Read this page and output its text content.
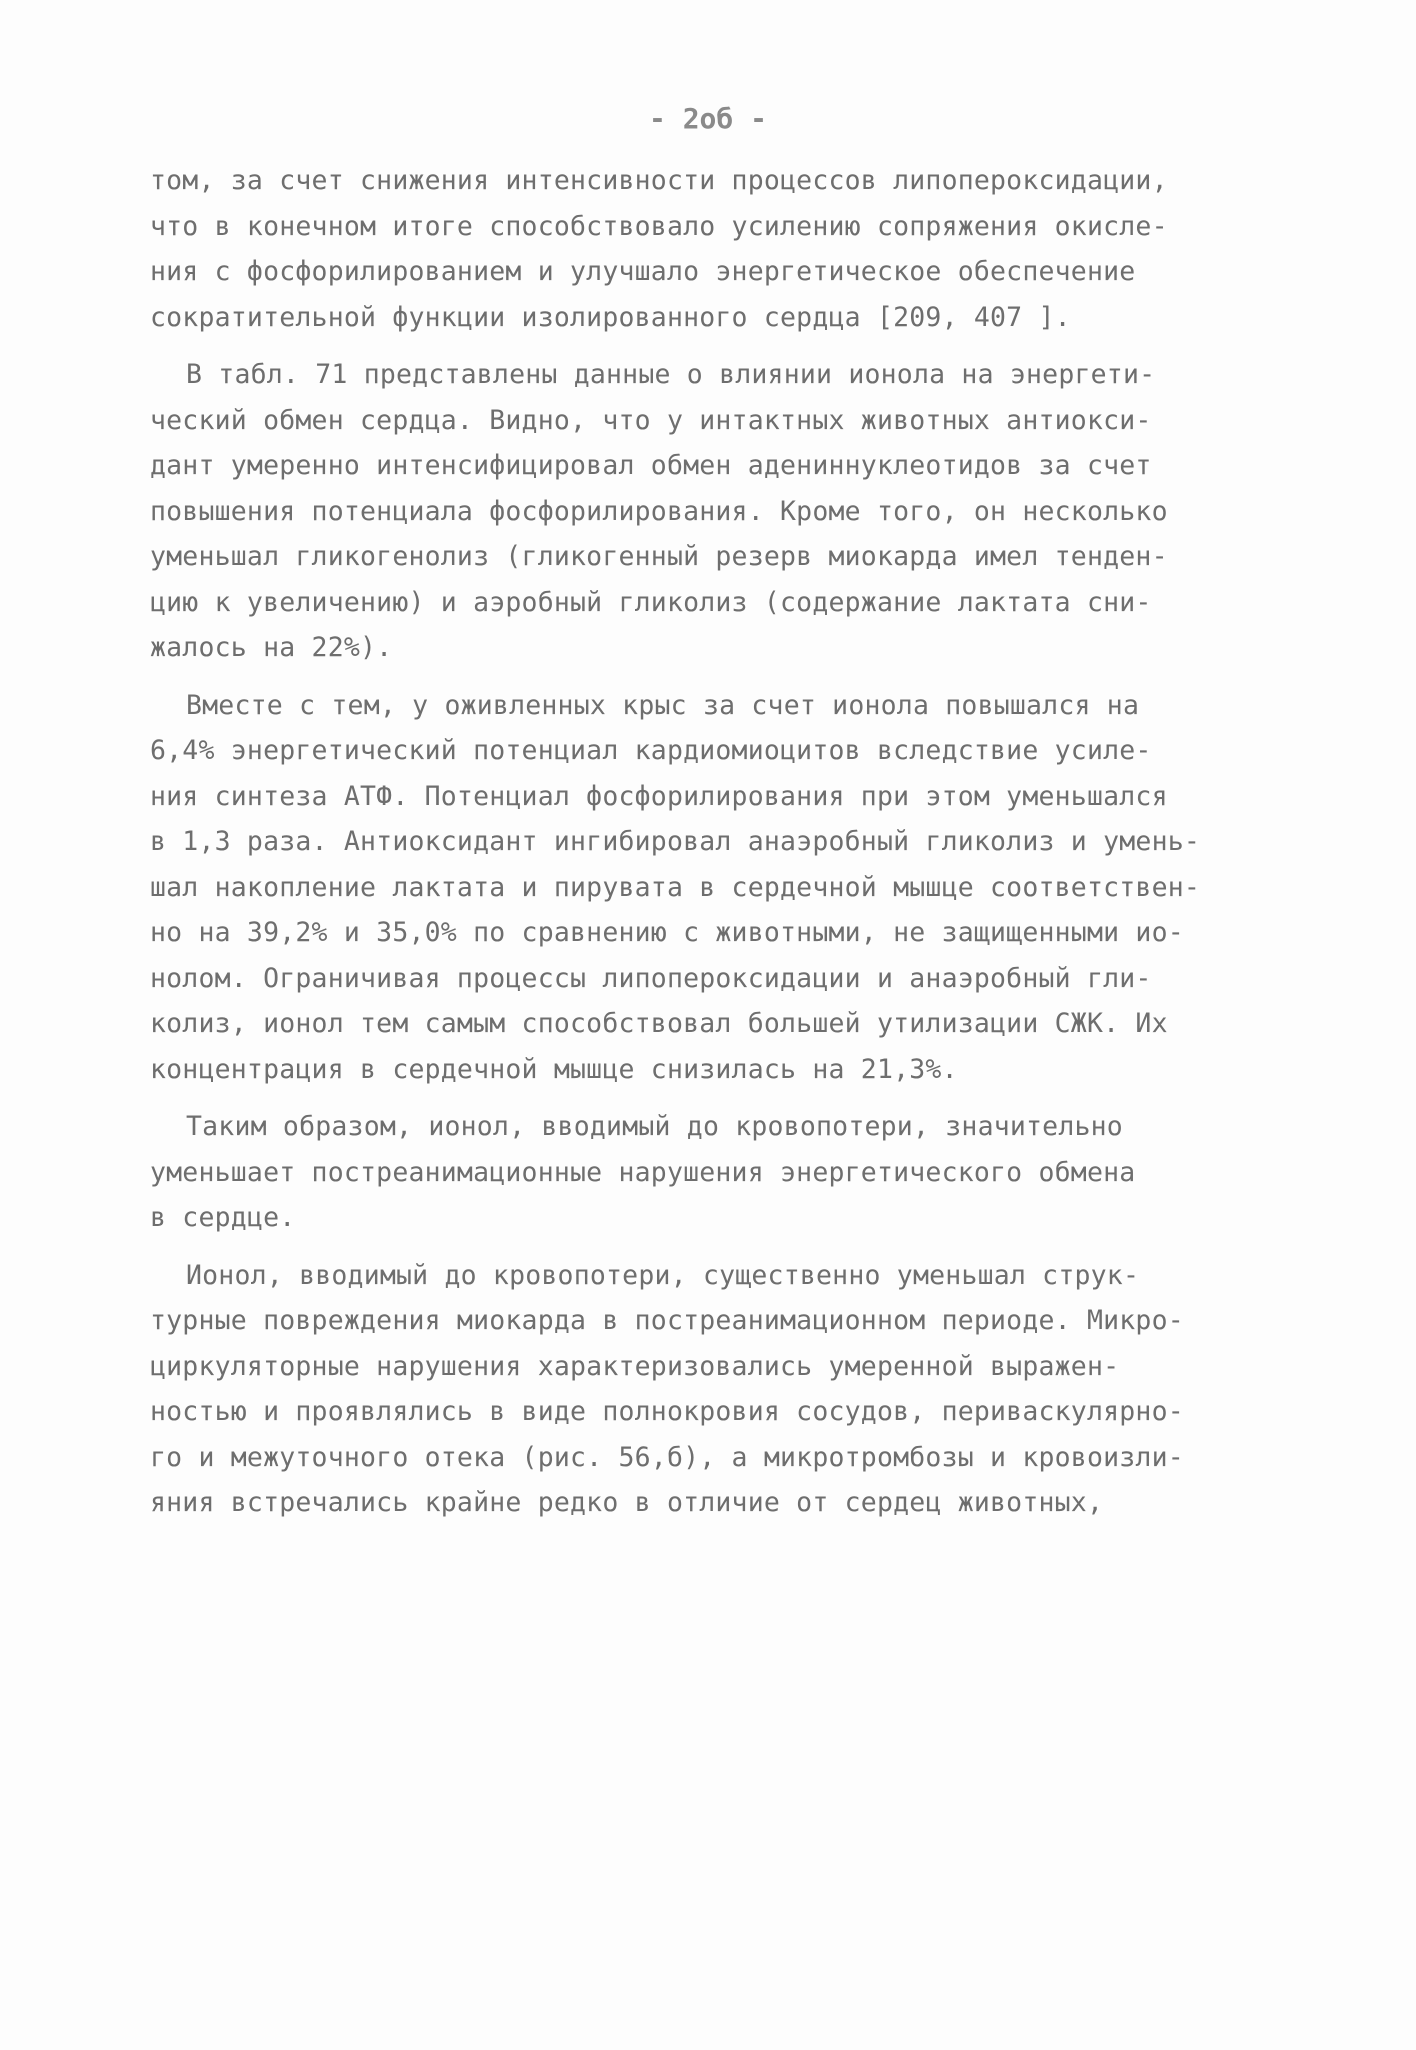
- 2об -
том, за счет снижения интенсивности процессов липопероксидации,
что в конечном итоге способствовало усилению сопряжения окисле-
ния с фосфорилированием и улучшало энергетическое обеспечение
сократительной функции изолированного сердца [209, 407 ].
В табл. 71 представлены данные о влиянии ионола на энергети-
ческий обмен сердца. Видно, что у интактных животных антиокси-
дант умеренно интенсифицировал обмен адениннуклеотидов за счет
повышения потенциала фосфорилирования. Кроме того, он несколько
уменьшал гликогенолиз (гликогенный резерв миокарда имел тенден-
цию к увеличению) и аэробный гликолиз (содержание лактата сни-
жалось на 22%).
Вместе с тем, у оживленных крыс за счет ионола повышался на
6,4% энергетический потенциал кардиомиоцитов вследствие усиле-
ния синтеза АТФ. Потенциал фосфорилирования при этом уменьшался
в 1,3 раза. Антиоксидант ингибировал анаэробный гликолиз и умень-
шал накопление лактата и пирувата в сердечной мышце соответствен-
но на 39,2% и 35,0% по сравнению с животными, не защищенными ио-
нолом. Ограничивая процессы липопероксидации и анаэробный гли-
колиз, ионол тем самым способствовал большей утилизации СЖК. Их
концентрация в сердечной мышце снизилась на 21,3%.
Таким образом, ионол, вводимый до кровопотери, значительно
уменьшает постреанимационные нарушения энергетического обмена
в сердце.
Ионол, вводимый до кровопотери, существенно уменьшал струк-
турные повреждения миокарда в постреанимационном периоде. Микро-
циркуляторные нарушения характеризовались умеренной выражен-
ностью и проявлялись в виде полнокровия сосудов, периваскулярно-
го и межуточного отека (рис. 56,б), а микротромбозы и кровоизли-
яния встречались крайне редко в отличие от сердец животных,
